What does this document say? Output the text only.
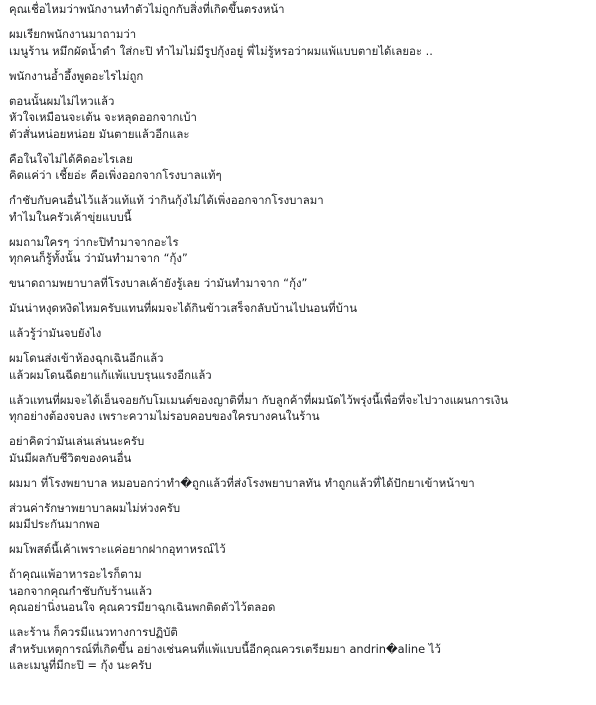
คุณเชื่อไหมว่าพนักงานทำตัวไม่ถูกกับสิ่งที่เกิดขึ้นตรงหน้า
ผมเรียกพนักงานมาถามว่า
เมนูร้าน หมึกผัดน้ำดำ ใส่กะปิ ทำไมไม่มีรูปกุ้งอยู่ พี่ไม่รู้หรอว่าผมแพ้แบบตายได้เลยอะ ..
พนักงานอ้ำอึ้งพูดอะไรไม่ถูก
ตอนนั้นผมไม่ไหวแล้ว
หัวใจเหมือนจะเต้น จะหลุดออกจากเบ้า
ตัวสั่นหน่อยหน่อย มันตายแล้วอีกและ
คือในใจไม่ได้คิดอะไรเลย
คิดแค่ว่า เชี้ยอ่ะ คือเพิ่งออกจากโรงบาลแท้ๆ
กำชับกับคนอื่นไว้แล้วแท้แท้ ว่ากินกุ้งไม่ได้เพิ่งออกจากโรงบาลมา
ทำไมในครัวเค้าขุ่ยแบบนี้
ผมถามใครๆ ว่ากะปิทำมาจากอะไร
ทุกคนก็รู้ทั้งนั้น ว่ามันทำมาจาก “กุ้ง”
ขนาดถามพยาบาลที่โรงบาลเค้ายังรู้เลย ว่ามันทำมาจาก “กุ้ง”
มันน่าหงุดหงิดไหมครับแทนที่ผมจะได้กินข้าวเสร็จกลับบ้านไปนอนที่บ้าน
แล้วรู้ว่ามันจบยังไง
ผมโดนส่งเข้าห้องฉุกเฉินอีกแล้ว
แล้วผมโดนฉีดยาแก้แพ้แบบรุนแรงอีกแล้ว
แล้วแทนที่ผมจะได้เอ็นจอยกับโมเมนต์ของญาติที่มา กับลูกค้าที่ผมนัดไว้พรุ่งนี้เพื่อที่จะไปวางแผนการเงิน
ทุกอย่างต้องจบลง เพราะความไม่รอบคอบของใครบางคนในร้าน
อย่าคิดว่ามันเล่นเล่นนะครับ
มันมีผลกับชีวิตของคนอื่น
ผมมา ที่โรงพยาบาล หมอบอกว่าทำ�ถูกแล้วที่ส่งโรงพยาบาลทัน ทำถูกแล้วที่ได้ปักยาเข้าหน้าขา
ส่วนค่ารักษาพยาบาลผมไม่ห่วงครับ
ผมมีประกันมากพอ
ผมโพสต์นี้เค้าเพราะแค่อยากฝากอุทาหรณ์ไว้
ถ้าคุณแพ้อาหารอะไรก็ตาม
นอกจากคุณกำชับกับร้านแล้ว
คุณอย่านิ่งนอนใจ คุณควรมียาฉุกเฉินพกติดตัวไว้ตลอด
และร้าน ก็ควรมีแนวทางการปฏิบัติ
สำหรับเหตุการณ์ที่เกิดขึ้น อย่างเช่นคนที่แพ้แบบนี้อีกคุณควรเตรียมยา andrin�aline ไว้
และเมนูที่มีกะปิ = กุ้ง นะครับ
